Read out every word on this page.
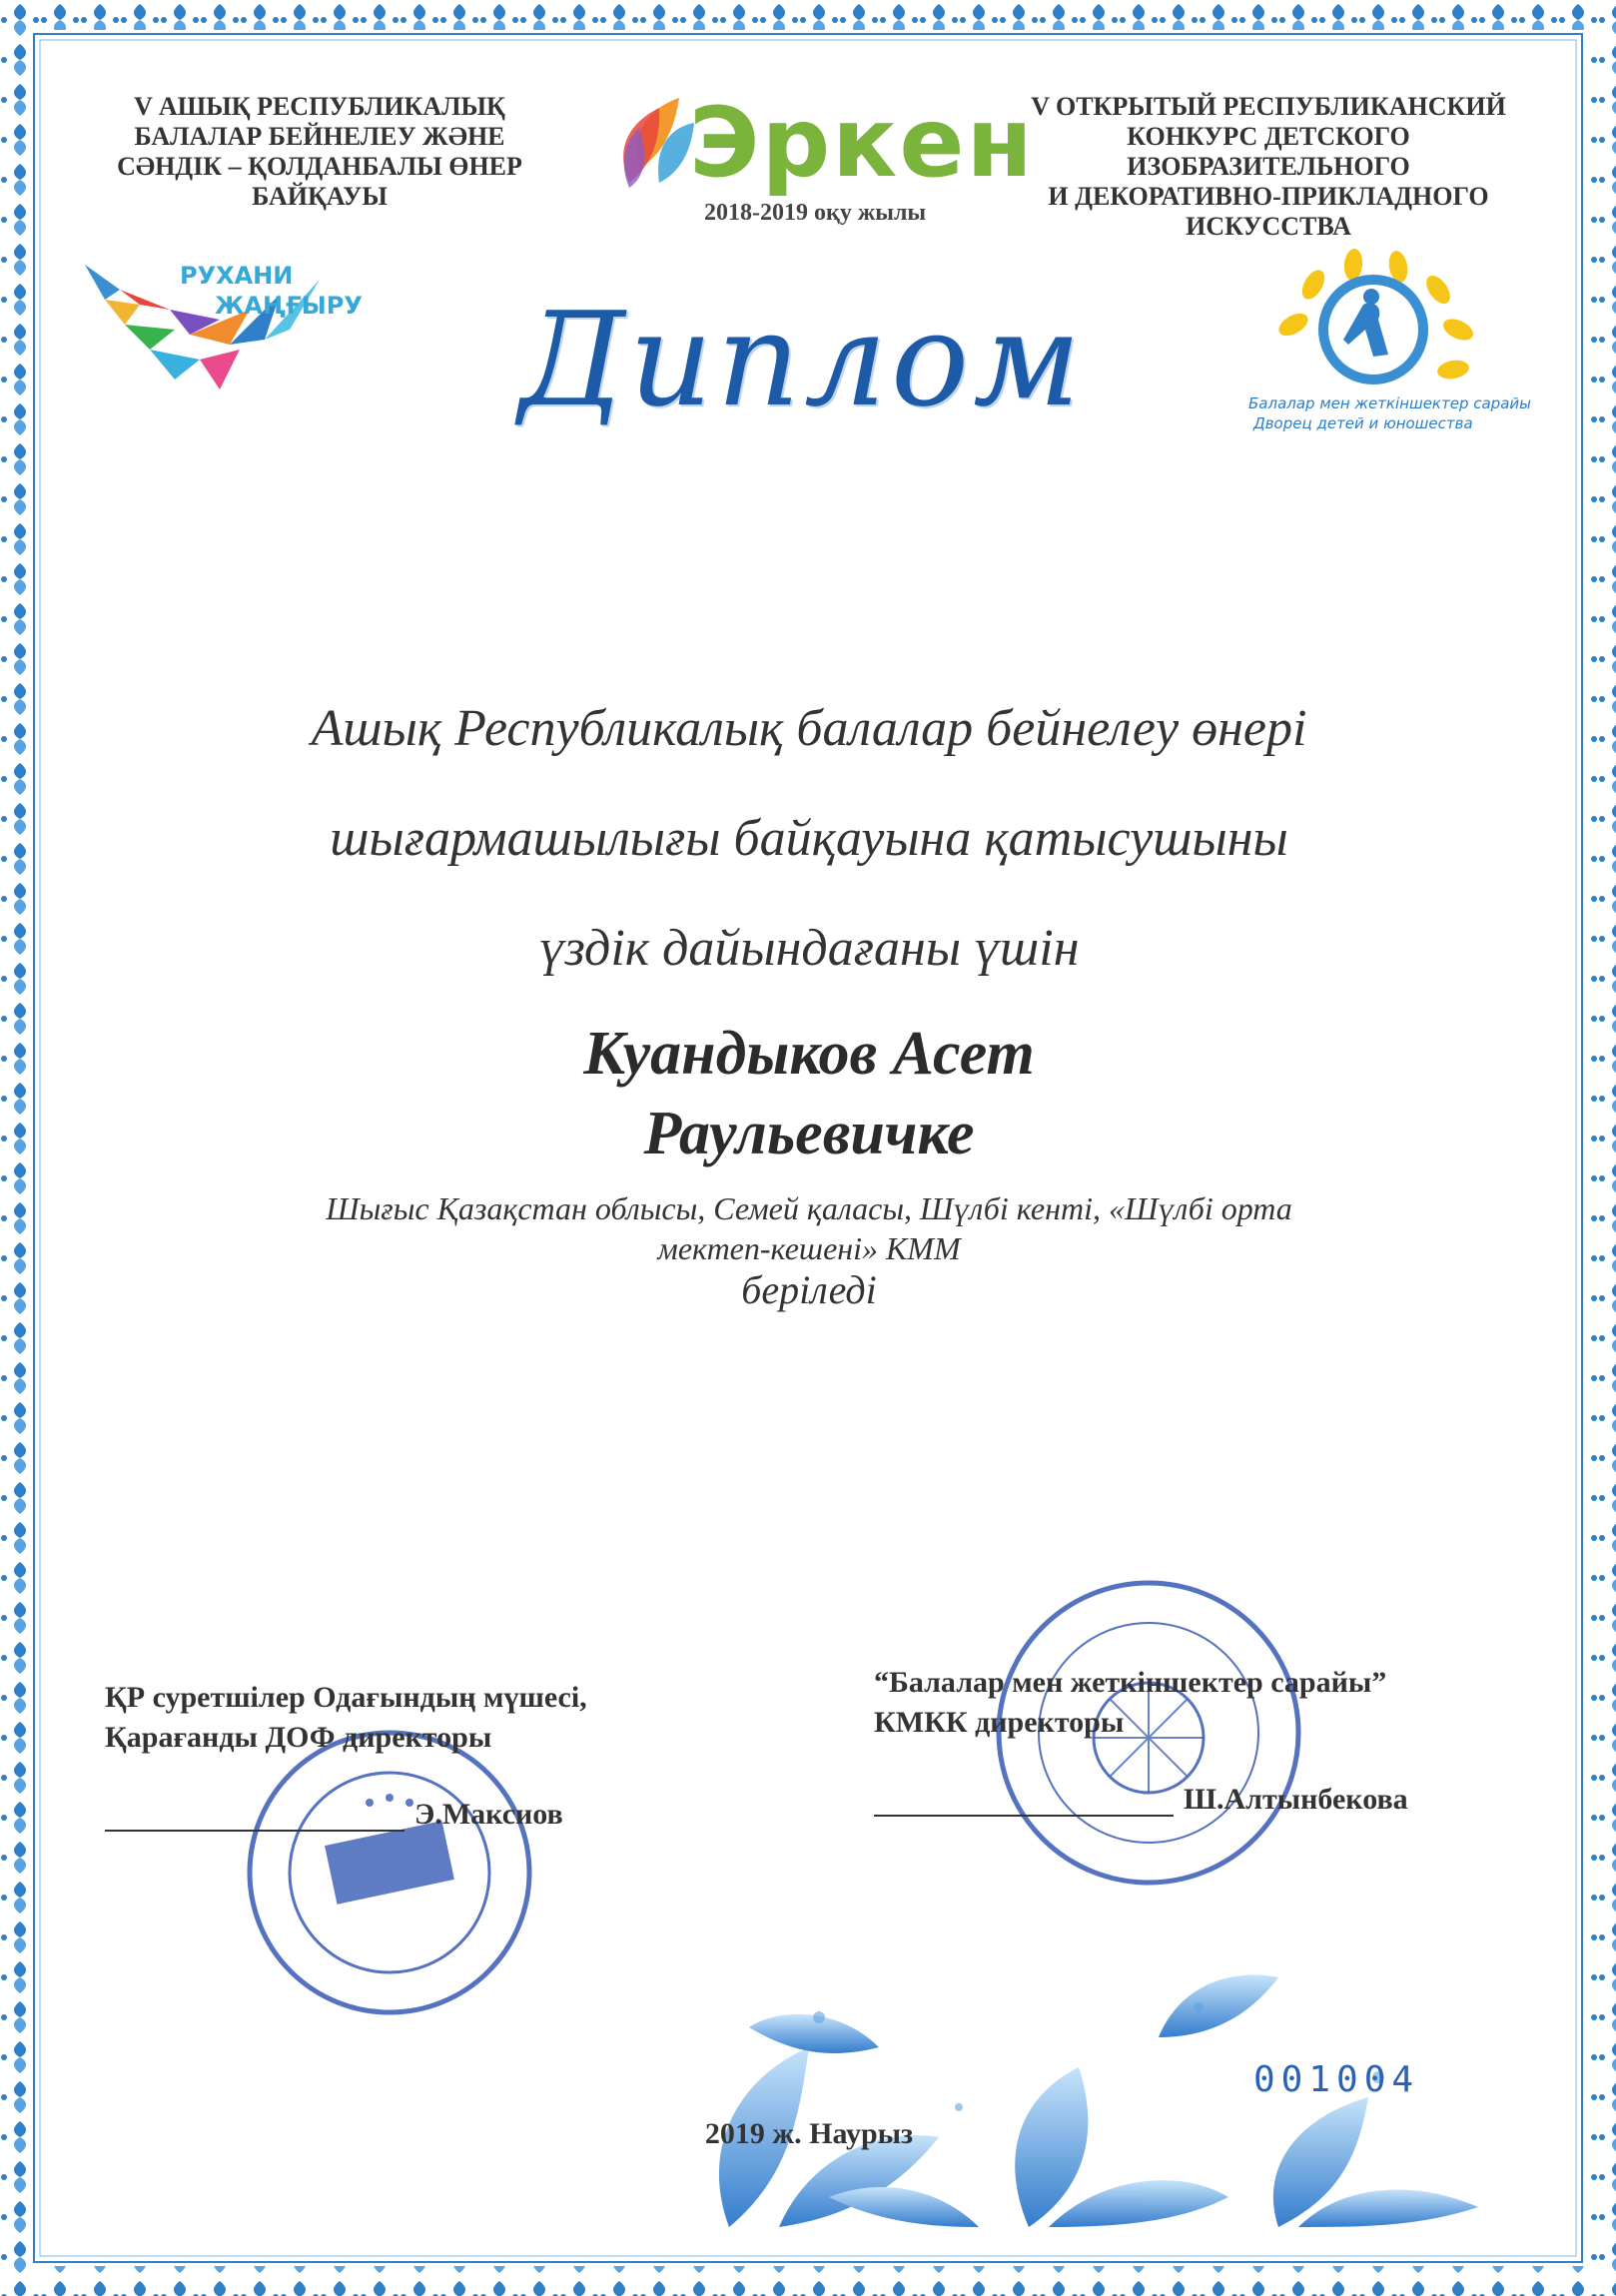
V АШЫҚ РЕСПУБЛИКАЛЫҚ
БАЛАЛАР БЕЙНЕЛЕУ ЖӘНЕ
СӘНДІК – ҚОЛДАНБАЛЫ ӨНЕР
БАЙҚАУЫ	Эркен
2018-2019 оқу жылы
V ОТКРЫТЫЙ РЕСПУБЛИКАНСКИЙ
КОНКУРС ДЕТСКОГО
ИЗОБРАЗИТЕЛЬНОГО
И ДЕКОРАТИВНО-ПРИКЛАДНОГО
ИСКУССТВА
РУХАНИ
ЖАҢҒЫРУ
Балалар мен жеткіншектер сарайы
Дворец детей и юношества
Диплом
Ашық Республикалық балалар бейнелеу өнері
шығармашылығы байқауына қатысушыны
үздік дайындағаны үшін
Куандыков Асет
Раульевичке
Шығыс Қазақстан облысы, Семей қаласы, Шүлбі кенті, «Шүлбі орта
мектеп-кешені» КММ
беріледі
ҚР суретшілер Одағындың мүшесі,
Қарағанды ДОФ директоры
Э.Максиов
“Балалар мен жеткіншектер сарайы”
КМКК директоры
Ш.Алтынбекова
001004
2019 ж. Наурыз
